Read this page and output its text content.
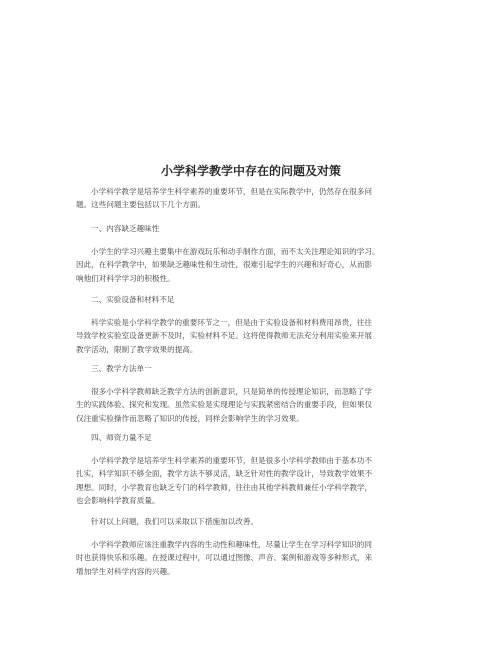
小学科学教学中存在的问题及对策

小学科学教学是培养学生科学素养的重要环节，但是在实际教学中，仍然存在很多问
题。这些问题主要包括以下几个方面。

一、内容缺乏趣味性

小学生的学习兴趣主要集中在游戏玩乐和动手制作方面，而不太关注理论知识的学习。
因此，在科学教学中，如果缺乏趣味性和生动性，很难引起学生的兴趣和好奇心，从而影
响他们对科学学习的积极性。

二、实验设备和材料不足

科学实验是小学科学教学的重要环节之一，但是由于实验设备和材料费用昂贵，往往
导致学校实验室设备更新不及时，实验材料不足。这将使得教师无法充分利用实验来开展
教学活动，限制了教学效果的提高。

三、教学方法单一

很多小学科学教师缺乏教学方法的创新意识，只是简单的传授理论知识，而忽略了学
生的实践体验、探究和发现。虽然实验是实现理论与实践紧密结合的重要手段，但如果仅
仅注重实验操作而忽略了知识的传授，同样会影响学生的学习效果。

四、师资力量不足

小学科学教学是培养学生科学素养的重要环节，但是很多小学科学教师由于基本功不
扎实，科学知识不够全面，教学方法不够灵活，缺乏针对性的教学设计，导致教学效果不
理想。同时，小学教育也缺乏专门的科学教师，往往由其他学科教师兼任小学科学教学，
也会影响科学教育质量。

针对以上问题，我们可以采取以下措施加以改善。

小学科学教师应该注重教学内容的生动性和趣味性，尽量让学生在学习科学知识的同
时也获得快乐和乐趣。在授课过程中，可以通过图像、声音、案例和游戏等多种形式，来
增加学生对科学内容的兴趣。
